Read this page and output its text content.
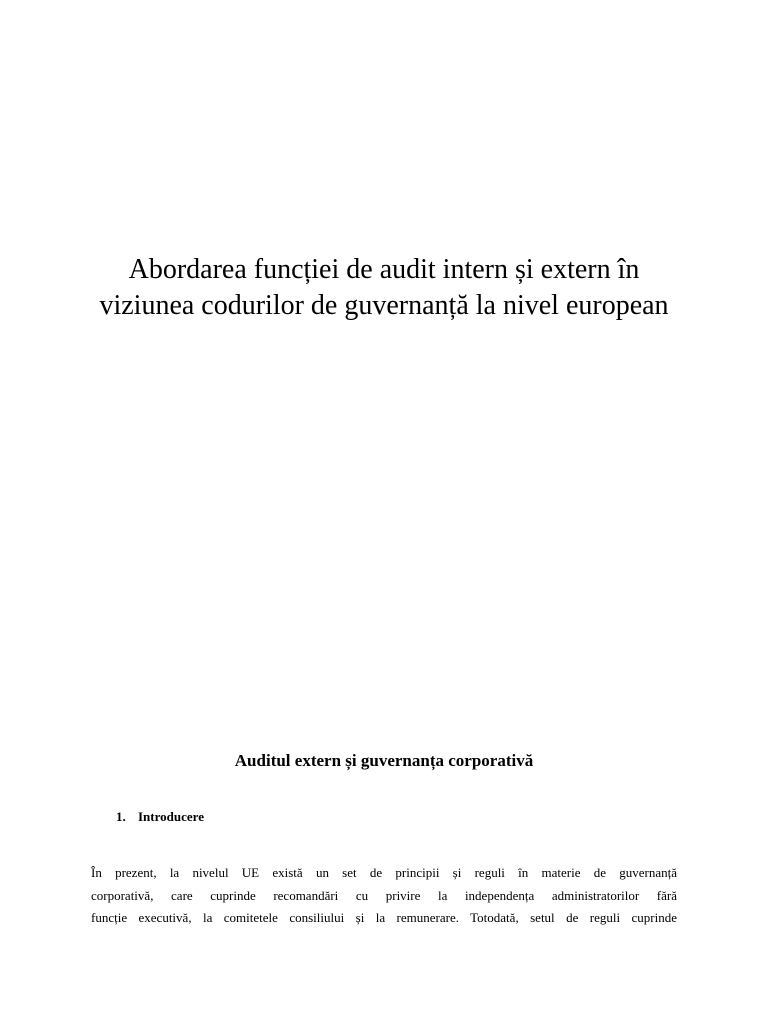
Abordarea funcției de audit intern și extern în
viziunea codurilor de guvernanță la nivel european
Auditul extern și guvernanța corporativă
1. Introducere

În prezent, la nivelul UE există un set de principii și reguli în materie de guvernanță
corporativă, care cuprinde recomandări cu privire la independența administratorilor fără
funcție executivă, la comitetele consiliului și la remunerare. Totodată, setul de reguli cuprinde
